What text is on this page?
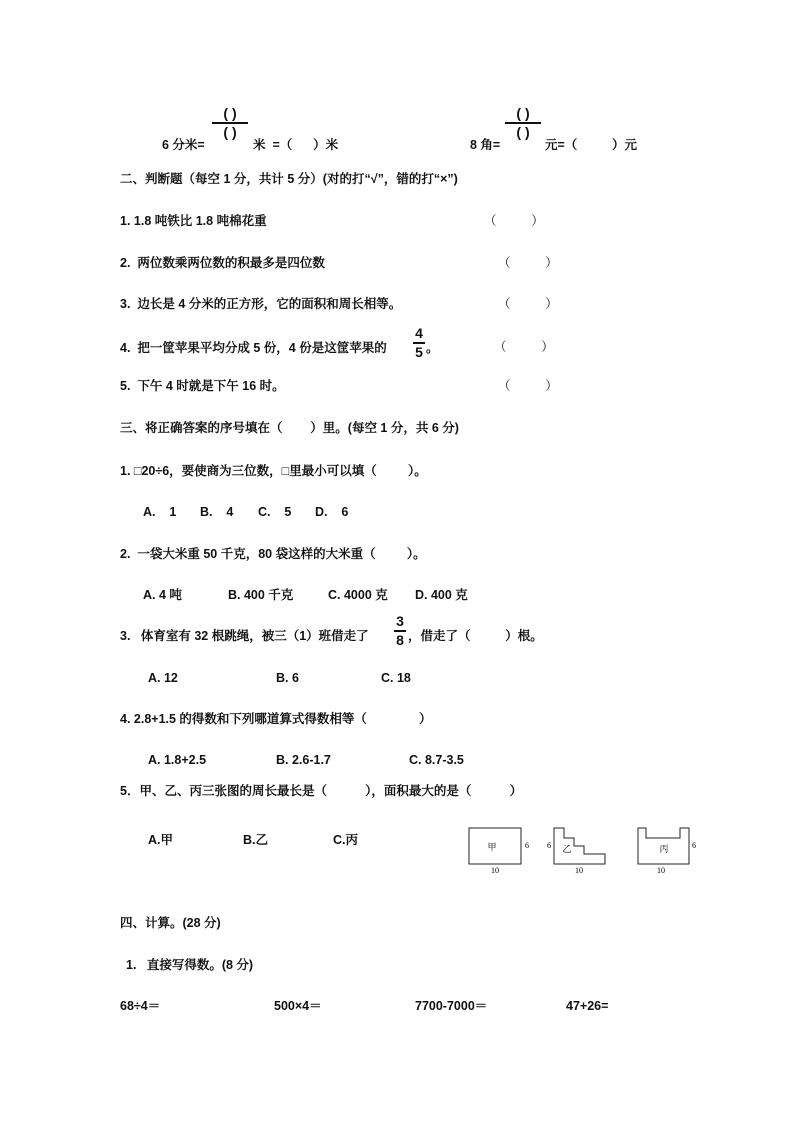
6 分米=
( )
( )
米  =（      ）米	8 角=
( )
( )
元=（          ）元
二、判断题（每空 1 分，共计 5 分）(对的打“√”，错的打“×”)
1. 1.8 吨铁比 1.8 吨棉花重	（          ）
2.  两位数乘两位数的积最多是四位数	（          ）
3.  边长是 4 分米的正方形，它的面积和周长相等。	（          ）
4.  把一筐苹果平均分成 5 份，4 份是这筐苹果的
4
5 。	（          ）
5.  下午 4 时就是下午 16 时。	（          ）
三、将正确答案的序号填在（        ）里。(每空 1 分，共 6 分)
1. □20÷6，要使商为三位数，□里最小可以填（         ）。
A.    1 B.    4 C.    5 D.    6
2.  一袋大米重 50 千克，80 袋这样的大米重（         ）。
A. 4 吨	B. 400 千克	C. 4000 克 D. 400 克
3.   体育室有 32 根跳绳，被三（1）班借走了
3
8 ，借走了（          ）根。
A. 12	B. 6	C. 18
4. 2.8+1.5 的得数和下列哪道算式得数相等（               ）
A. 1.8+2.5	B. 2.6-1.7	C. 8.7-3.5
5．甲、乙、丙三张图的周长最长是（           ），面积最大的是（           ）
A.甲	B.乙	C.丙	甲	6
10
乙
6
10
丙	6
10
四、计算。(28 分)
1.   直接写得数。(8 分)
68÷4＝	500×4＝	7700-7000＝	47+26=
